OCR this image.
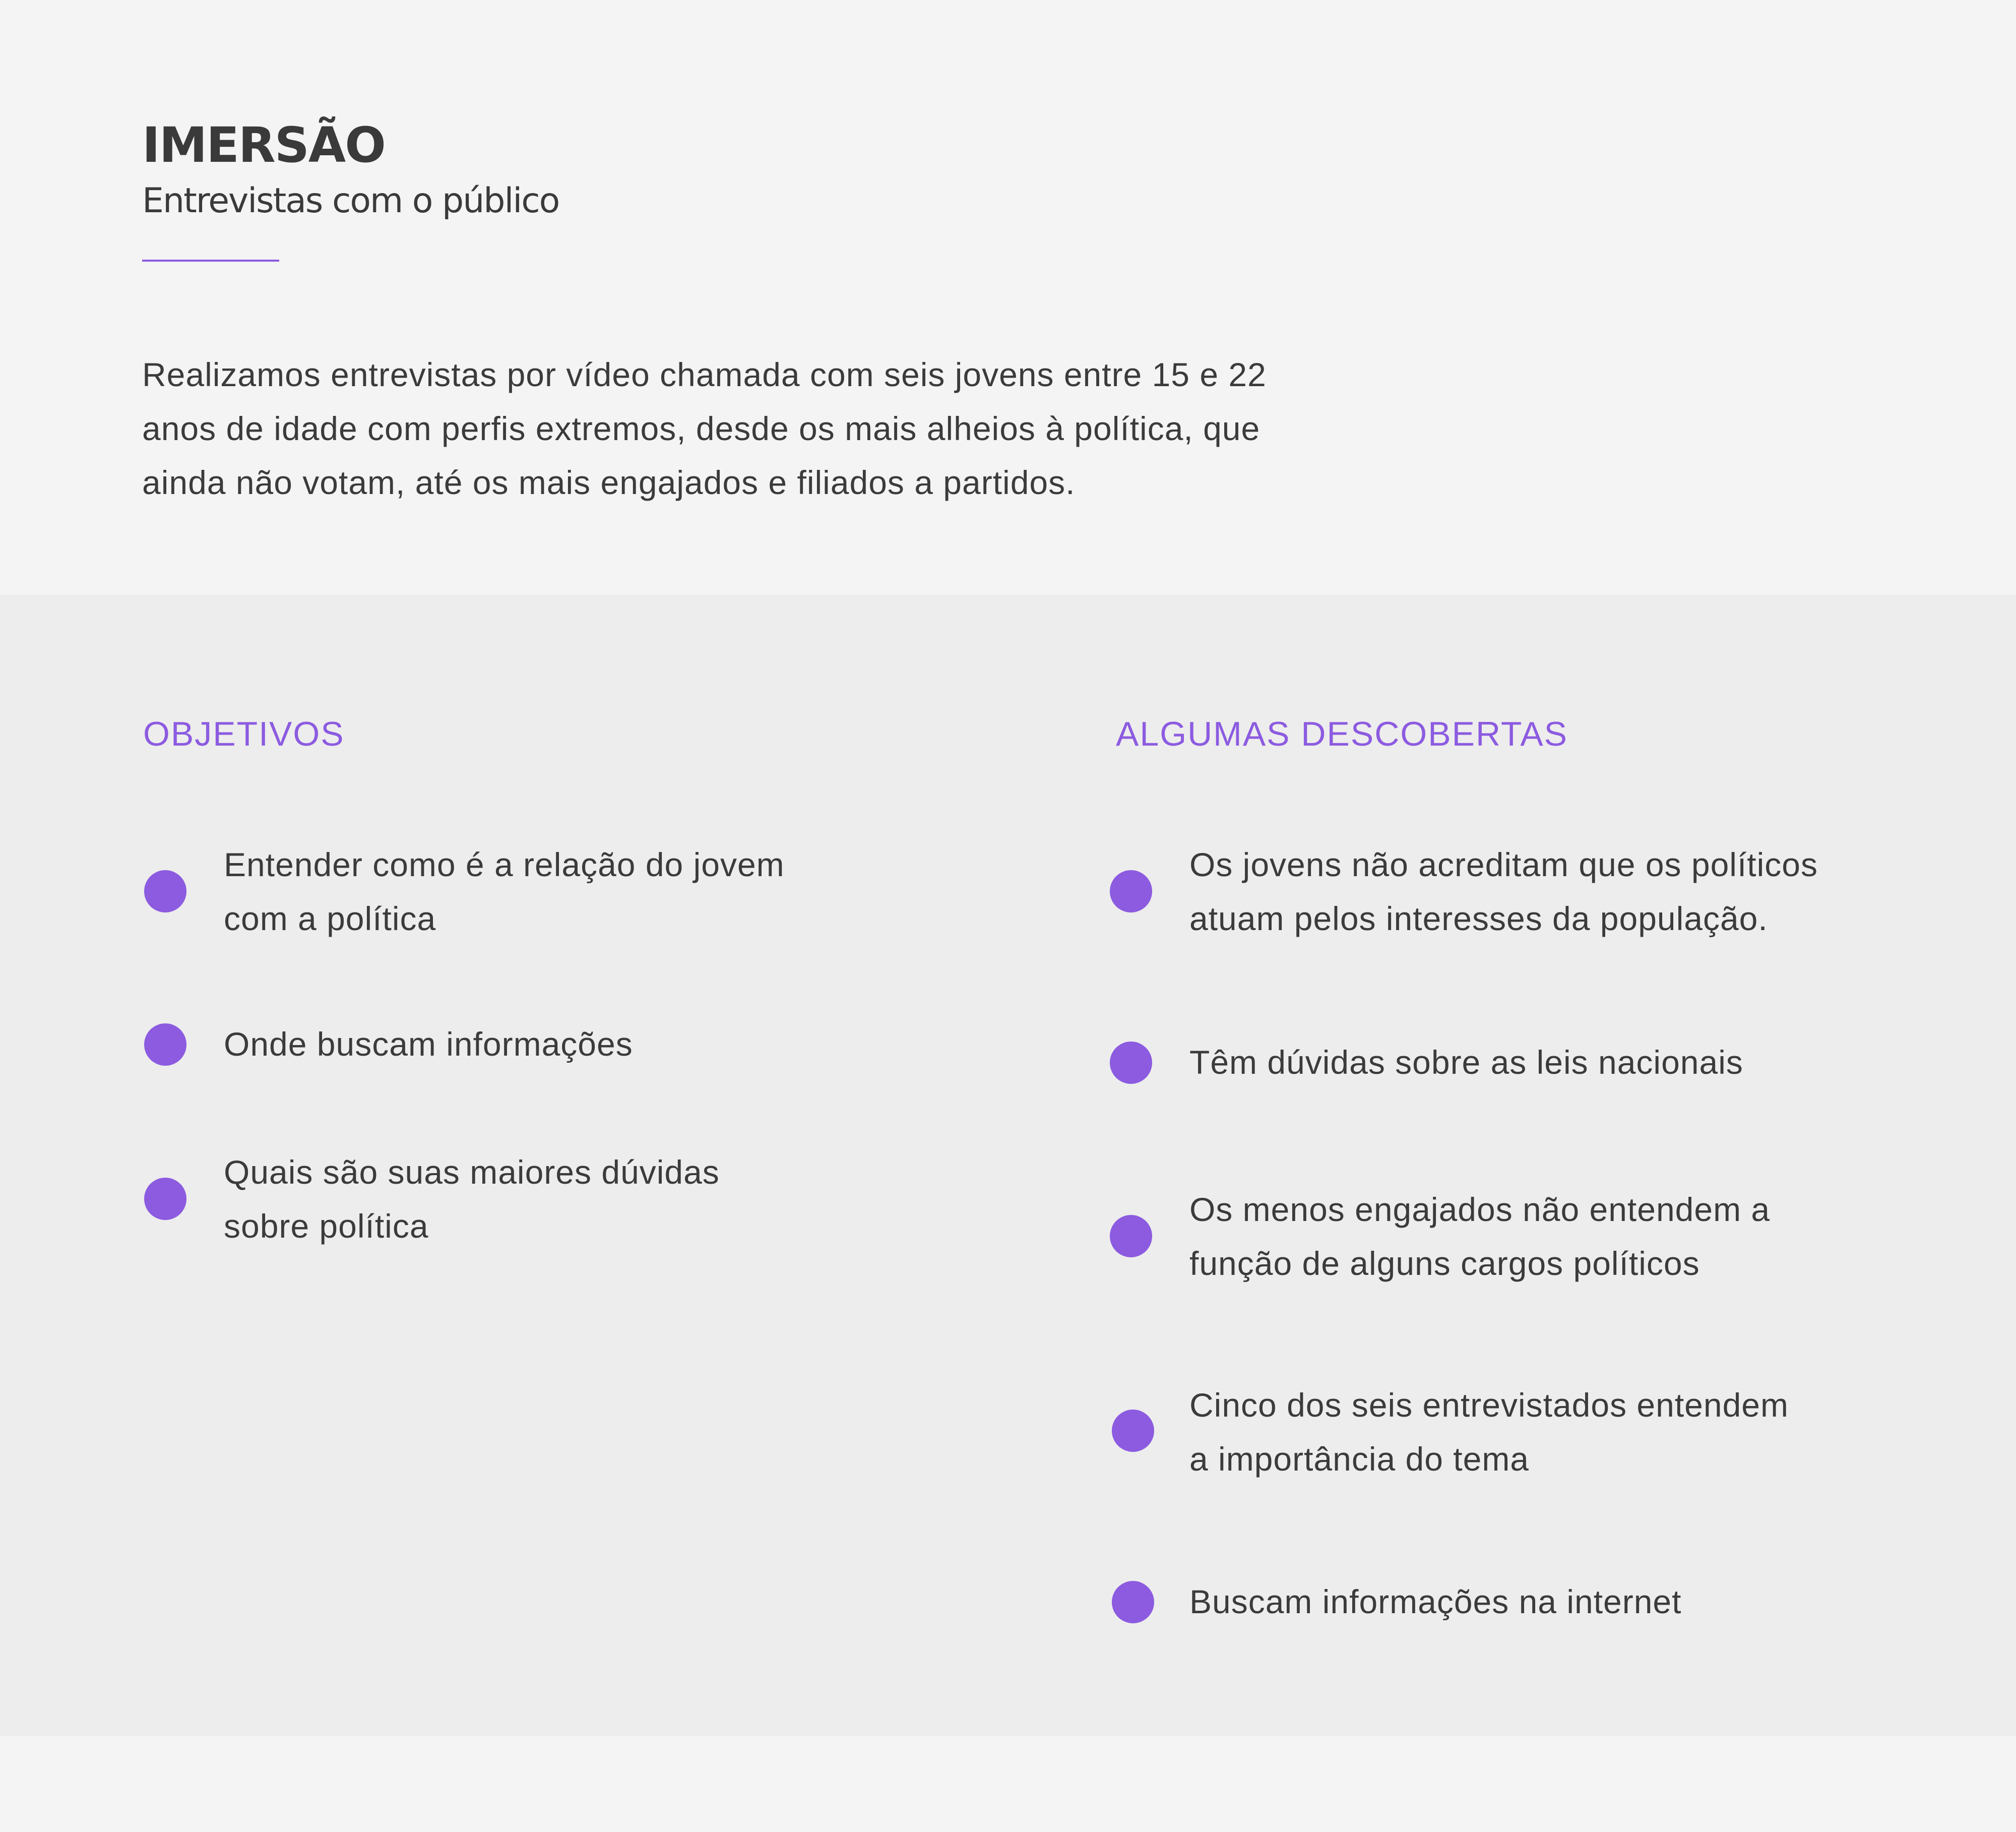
IMERSÃO
Entrevistas com o público

Realizamos entrevistas por vídeo chamada com seis jovens entre 15 e 22
anos de idade com perfis extremos, desde os mais alheios à política, que
ainda não votam, até os mais engajados e filiados a partidos.

OBJETIVOS	ALGUMAS DESCOBERTAS

Entender como é a relação do jovem
com a política

Onde buscam informações

Quais são suas maiores dúvidas
sobre política

Os jovens não acreditam que os políticos
atuam pelos interesses da população.

Têm dúvidas sobre as leis nacionais

Os menos engajados não entendem a
função de alguns cargos políticos

Cinco dos seis entrevistados entendem
a importância do tema

Buscam informações na internet
